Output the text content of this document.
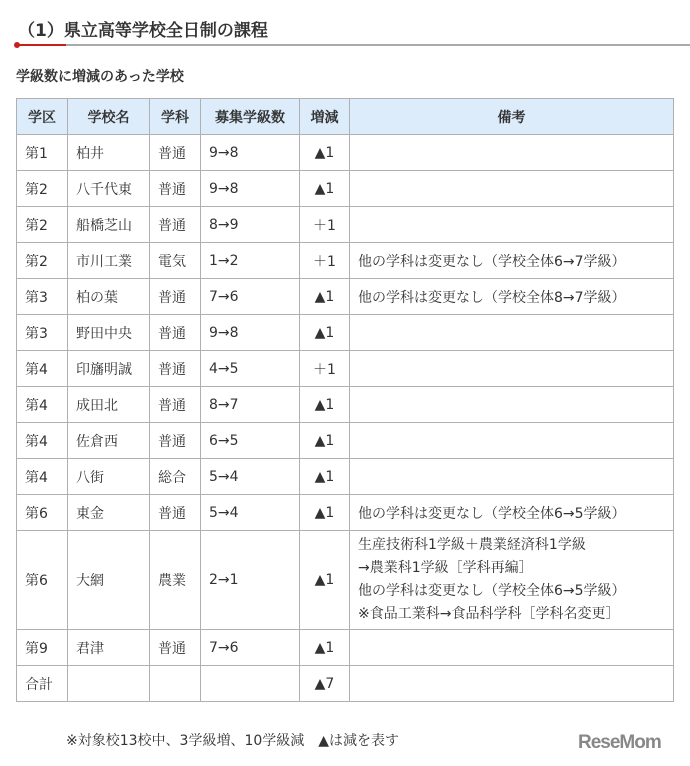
（1）県立高等学校全日制の課程
学級数に増減のあった学校
学区	学校名	学科	募集学級数	増減	備考
第1	柏井	普通	9→8	▲1	
第2	八千代東	普通	9→8	▲1	
第2	船橋芝山	普通	8→9	＋1	
第2	市川工業	電気	1→2	＋1	他の学科は変更なし（学校全体6→7学級）
第3	柏の葉	普通	7→6	▲1	他の学科は変更なし（学校全体8→7学級）
第3	野田中央	普通	9→8	▲1	
第4	印旛明誠	普通	4→5	＋1	
第4	成田北	普通	8→7	▲1	
第4	佐倉西	普通	6→5	▲1	
第4	八街	総合	5→4	▲1	
第6	東金	普通	5→4	▲1	他の学科は変更なし（学校全体6→5学級）
第6	大網	農業	2→1	▲1	生産技術科1学級＋農業経済科1学級
→農業科1学級［学科再編］
他の学科は変更なし（学校全体6→5学級）
※食品工業科→食品科学科［学科名変更］

第9	君津	普通	7→6	▲1	
合計				▲7	
※対象校13校中、3学級増、10学級減　▲は減を表す	ReseMom
